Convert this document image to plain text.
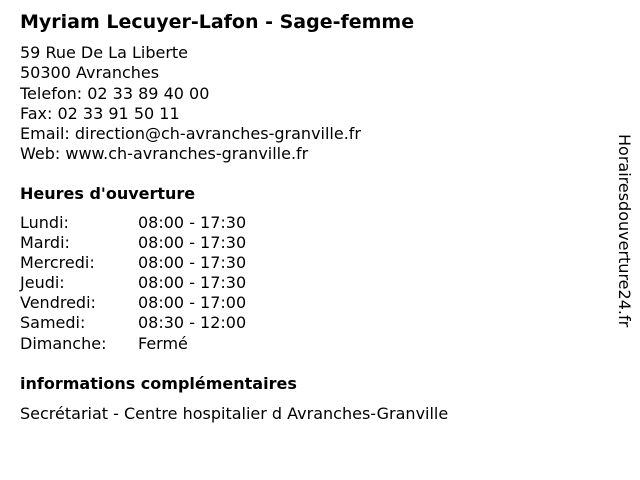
Myriam Lecuyer-Lafon - Sage-femme
59 Rue De La Liberte
50300 Avranches
Telefon: 02 33 89 40 00
Fax: 02 33 91 50 11
Email: direction@ch-avranches-granville.fr
Web: www.ch-avranches-granville.fr
Heures d'ouverture
Lundi:	08:00 - 17:30
Mardi:	08:00 - 17:30
Mercredi:	08:00 - 17:30
Jeudi:	08:00 - 17:30
Vendredi:	08:00 - 17:00
Samedi:	08:30 - 12:00
Dimanche: Fermé
informations complémentaires
Secrétariat - Centre hospitalier d Avranches-Granville
Horairesdouverture24.fr
